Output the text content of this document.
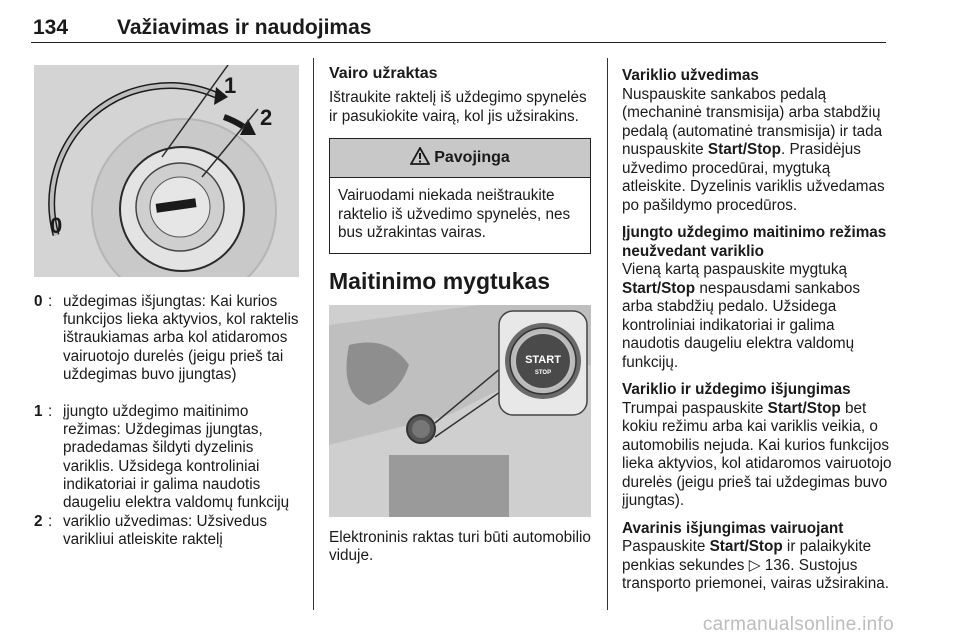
134 Važiavimas ir naudojimas
1
2
0
0 : uždegimas išjungtas: Kai kurios funkcijos lieka aktyvios, kol raktelis ištraukiamas arba kol atidaromos vairuotojo durelės (jeigu prieš tai uždegimas buvo įjungtas)
1 : įjungto uždegimo maitinimo režimas: Uždegimas įjungtas, pradedamas šildyti dyzelinis variklis. Užsidega kontroliniai indikatoriai ir galima naudotis daugeliu elektra valdomų funkcijų
2 : variklio užvedimas: Užsivedus varikliui atleiskite raktelį
Vairo užraktas
Ištraukite raktelį iš uždegimo spynelės ir pasukiokite vairą, kol jis užsirakins.
Pavojinga
Vairuodami niekada neištraukite raktelio iš užvedimo spynelės, nes bus užrakintas vairas.
Maitinimo mygtukas
START
STOP
Elektroninis raktas turi būti automobilio viduje.
Variklio užvedimas
Nuspauskite sankabos pedalą (mechaninė transmisija) arba stabdžių pedalą (automatinė transmisija) ir tada nuspauskite Start/Stop. Prasidėjus užvedimo procedūrai, mygtuką atleiskite. Dyzelinis variklis užvedamas po pašildymo procedūros.
Įjungto uždegimo maitinimo režimas neužvedant variklio
Vieną kartą paspauskite mygtuką Start/Stop nespausdami sankabos arba stabdžių pedalo. Užsidega kontroliniai indikatoriai ir galima naudotis daugeliu elektra valdomų funkcijų.
Variklio ir uždegimo išjungimas
Trumpai paspauskite Start/Stop bet kokiu režimu arba kai variklis veikia, o automobilis nejuda. Kai kurios funkcijos lieka aktyvios, kol atidaromos vairuotojo durelės (jeigu prieš tai uždegimas buvo įjungtas).
Avarinis išjungimas vairuojant
Paspauskite Start/Stop ir palaikykite penkias sekundes ▷ 136. Sustojus transporto priemonei, vairas užsirakina.
carmanualsonline.info
